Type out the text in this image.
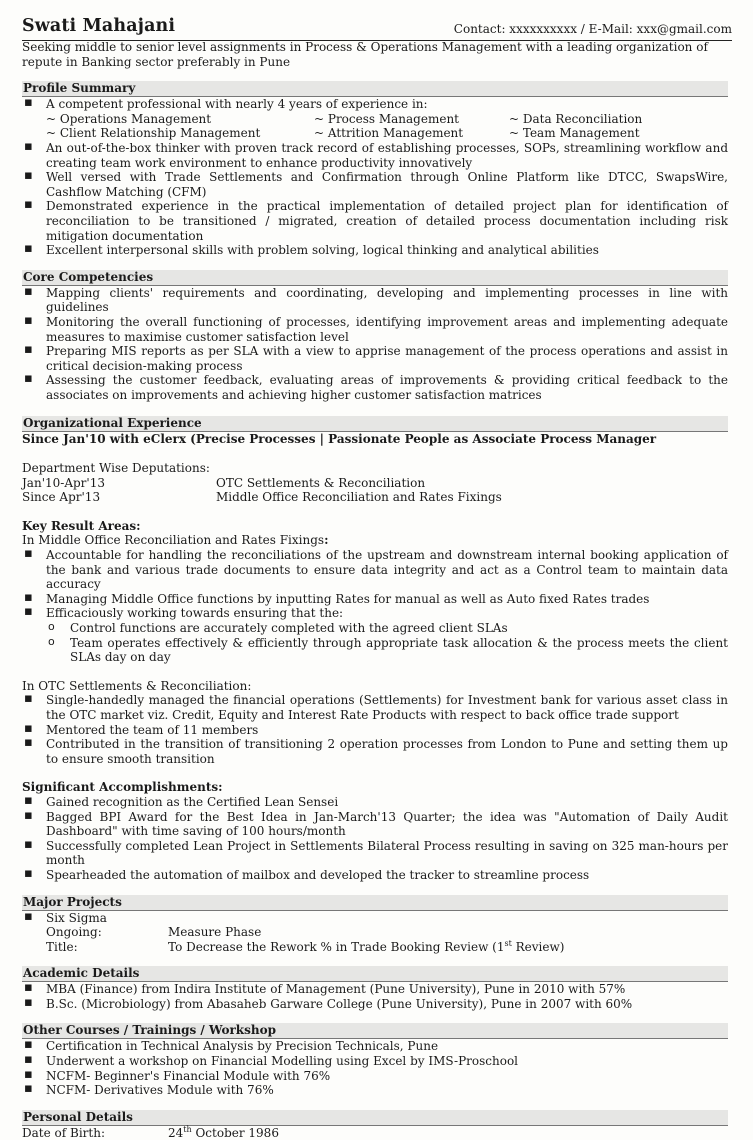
Swati Mahajani	Contact: xxxxxxxxxx / E-Mail: xxx@gmail.com

Seeking middle to senior level assignments in Process & Operations Management with a leading organization of repute in Banking sector preferably in Pune

Profile Summary
▪ A competent professional with nearly 4 years of experience in:
~ Operations Management	~ Process Management	~ Data Reconciliation
~ Client Relationship Management	~ Attrition Management	~ Team Management
▪ An out-of-the-box thinker with proven track record of establishing processes, SOPs, streamlining workflow and creating team work environment to enhance productivity innovatively
▪ Well versed with Trade Settlements and Confirmation through Online Platform like DTCC, SwapsWire, Cashflow Matching (CFM)
▪ Demonstrated experience in the practical implementation of detailed project plan for identification of reconciliation to be transitioned / migrated, creation of detailed process documentation including risk mitigation documentation
▪ Excellent interpersonal skills with problem solving, logical thinking and analytical abilities
Core Competencies
▪ Mapping clients' requirements and coordinating, developing and implementing processes in line with guidelines
▪ Monitoring the overall functioning of processes, identifying improvement areas and implementing adequate measures to maximise customer satisfaction level
▪ Preparing MIS reports as per SLA with a view to apprise management of the process operations and assist in critical decision-making process
▪ Assessing the customer feedback, evaluating areas of improvements & providing critical feedback to the associates on improvements and achieving higher customer satisfaction matrices
Organizational Experience
Since Jan'10 with eClerx (Precise Processes | Passionate People as Associate Process Manager
Department Wise Deputations:
Jan'10-Apr'13	OTC Settlements & Reconciliation
Since Apr'13	Middle Office Reconciliation and Rates Fixings
Key Result Areas:
In Middle Office Reconciliation and Rates Fixings:
▪ Accountable for handling the reconciliations of the upstream and downstream internal booking application of the bank and various trade documents to ensure data integrity and act as a Control team to maintain data accuracy
▪ Managing Middle Office functions by inputting Rates for manual as well as Auto fixed Rates trades
▪ Efficaciously working towards ensuring that the:
o Control functions are accurately completed with the agreed client SLAs
o Team operates effectively & efficiently through appropriate task allocation & the process meets the client SLAs day on day
In OTC Settlements & Reconciliation:
▪ Single-handedly managed the financial operations (Settlements) for Investment bank for various asset class in the OTC market viz. Credit, Equity and Interest Rate Products with respect to back office trade support
▪ Mentored the team of 11 members
▪ Contributed in the transition of transitioning 2 operation processes from London to Pune and setting them up to ensure smooth transition
Significant Accomplishments:
▪ Gained recognition as the Certified Lean Sensei
▪ Bagged BPI Award for the Best Idea in Jan-March'13 Quarter; the idea was "Automation of Daily Audit Dashboard" with time saving of 100 hours/month
▪ Successfully completed Lean Project in Settlements Bilateral Process resulting in saving on 325 man-hours per month
▪ Spearheaded the automation of mailbox and developed the tracker to streamline process
Major Projects
▪ Six Sigma
Ongoing:	Measure Phase
Title:	To Decrease the Rework % in Trade Booking Review (1st Review)
Academic Details
▪ MBA (Finance) from Indira Institute of Management (Pune University), Pune in 2010 with 57%
▪ B.Sc. (Microbiology) from Abasaheb Garware College (Pune University), Pune in 2007 with 60%
Other Courses / Trainings / Workshop
▪ Certification in Technical Analysis by Precision Technicals, Pune
▪ Underwent a workshop on Financial Modelling using Excel by IMS-Proschool
▪ NCFM- Beginner's Financial Module with 76%
▪ NCFM- Derivatives Module with 76%
Personal Details
Date of Birth:	24th October 1986
